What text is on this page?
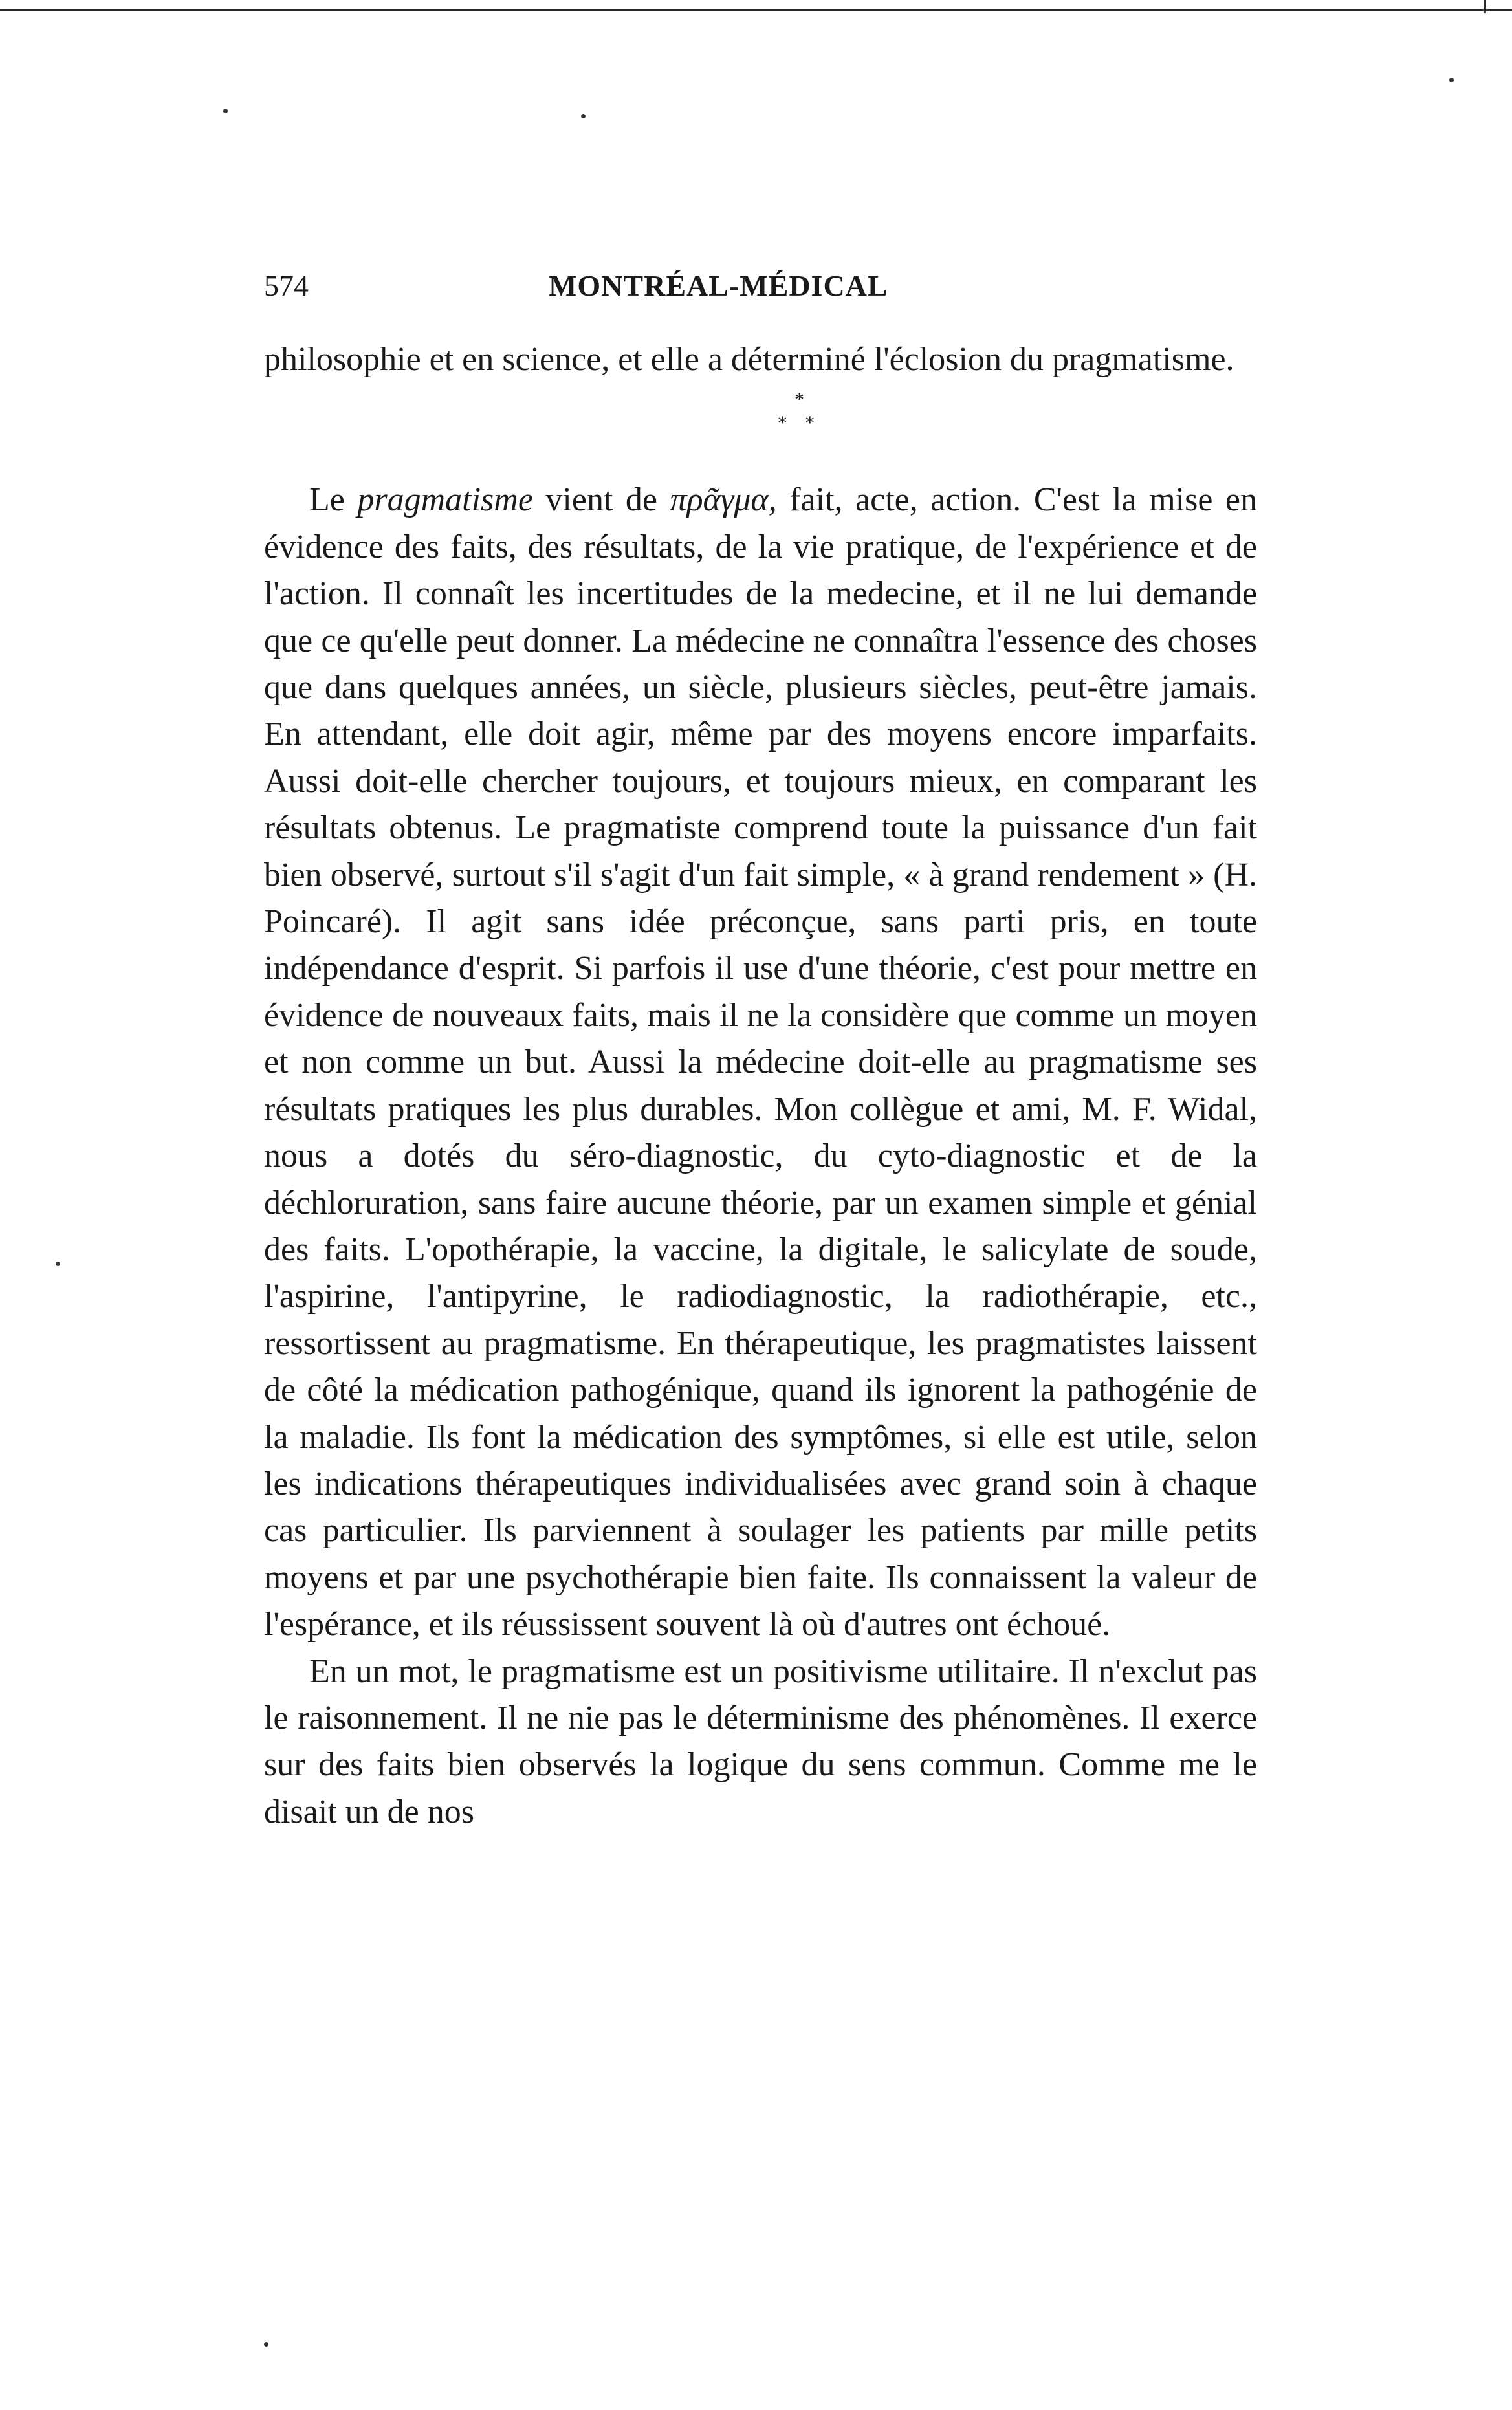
574	MONTRÉAL-MÉDICAL

philosophie et en science, et elle a déterminé l'éclosion du pragmatisme.

*
* *

Le pragmatisme vient de πρᾶγμα, fait, acte, action. C'est la mise en évidence des faits, des résultats, de la vie pratique, de l'expérience et de l'action. Il connaît les incertitudes de la medecine, et il ne lui demande que ce qu'elle peut donner. La médecine ne connaîtra l'essence des choses que dans quelques années, un siècle, plusieurs siècles, peut-être jamais. En attendant, elle doit agir, même par des moyens encore imparfaits. Aussi doit-elle chercher toujours, et toujours mieux, en comparant les résultats obtenus. Le pragmatiste comprend toute la puissance d'un fait bien observé, surtout s'il s'agit d'un fait simple, « à grand rendement » (H. Poincaré). Il agit sans idée préconçue, sans parti pris, en toute indépendance d'esprit. Si parfois il use d'une théorie, c'est pour mettre en évidence de nouveaux faits, mais il ne la considère que comme un moyen et non comme un but. Aussi la médecine doit-elle au pragmatisme ses résultats pratiques les plus durables. Mon collègue et ami, M. F. Widal, nous a dotés du séro-diagnostic, du cyto-diagnostic et de la déchloruration, sans faire aucune théorie, par un examen simple et génial des faits. L'opothérapie, la vaccine, la digitale, le salicylate de soude, l'aspirine, l'antipyrine, le radiodiagnostic, la radiothérapie, etc., ressortissent au pragmatisme. En thérapeutique, les pragmatistes laissent de côté la médication pathogénique, quand ils ignorent la pathogénie de la maladie. Ils font la médication des symptômes, si elle est utile, selon les indications thérapeutiques individualisées avec grand soin à chaque cas particulier. Ils parviennent à soulager les patients par mille petits moyens et par une psychothérapie bien faite. Ils connaissent la valeur de l'espérance, et ils réussissent souvent là où d'autres ont échoué.

En un mot, le pragmatisme est un positivisme utilitaire. Il n'exclut pas le raisonnement. Il ne nie pas le déterminisme des phénomènes. Il exerce sur des faits bien observés la logique du sens commun. Comme me le disait un de nos
